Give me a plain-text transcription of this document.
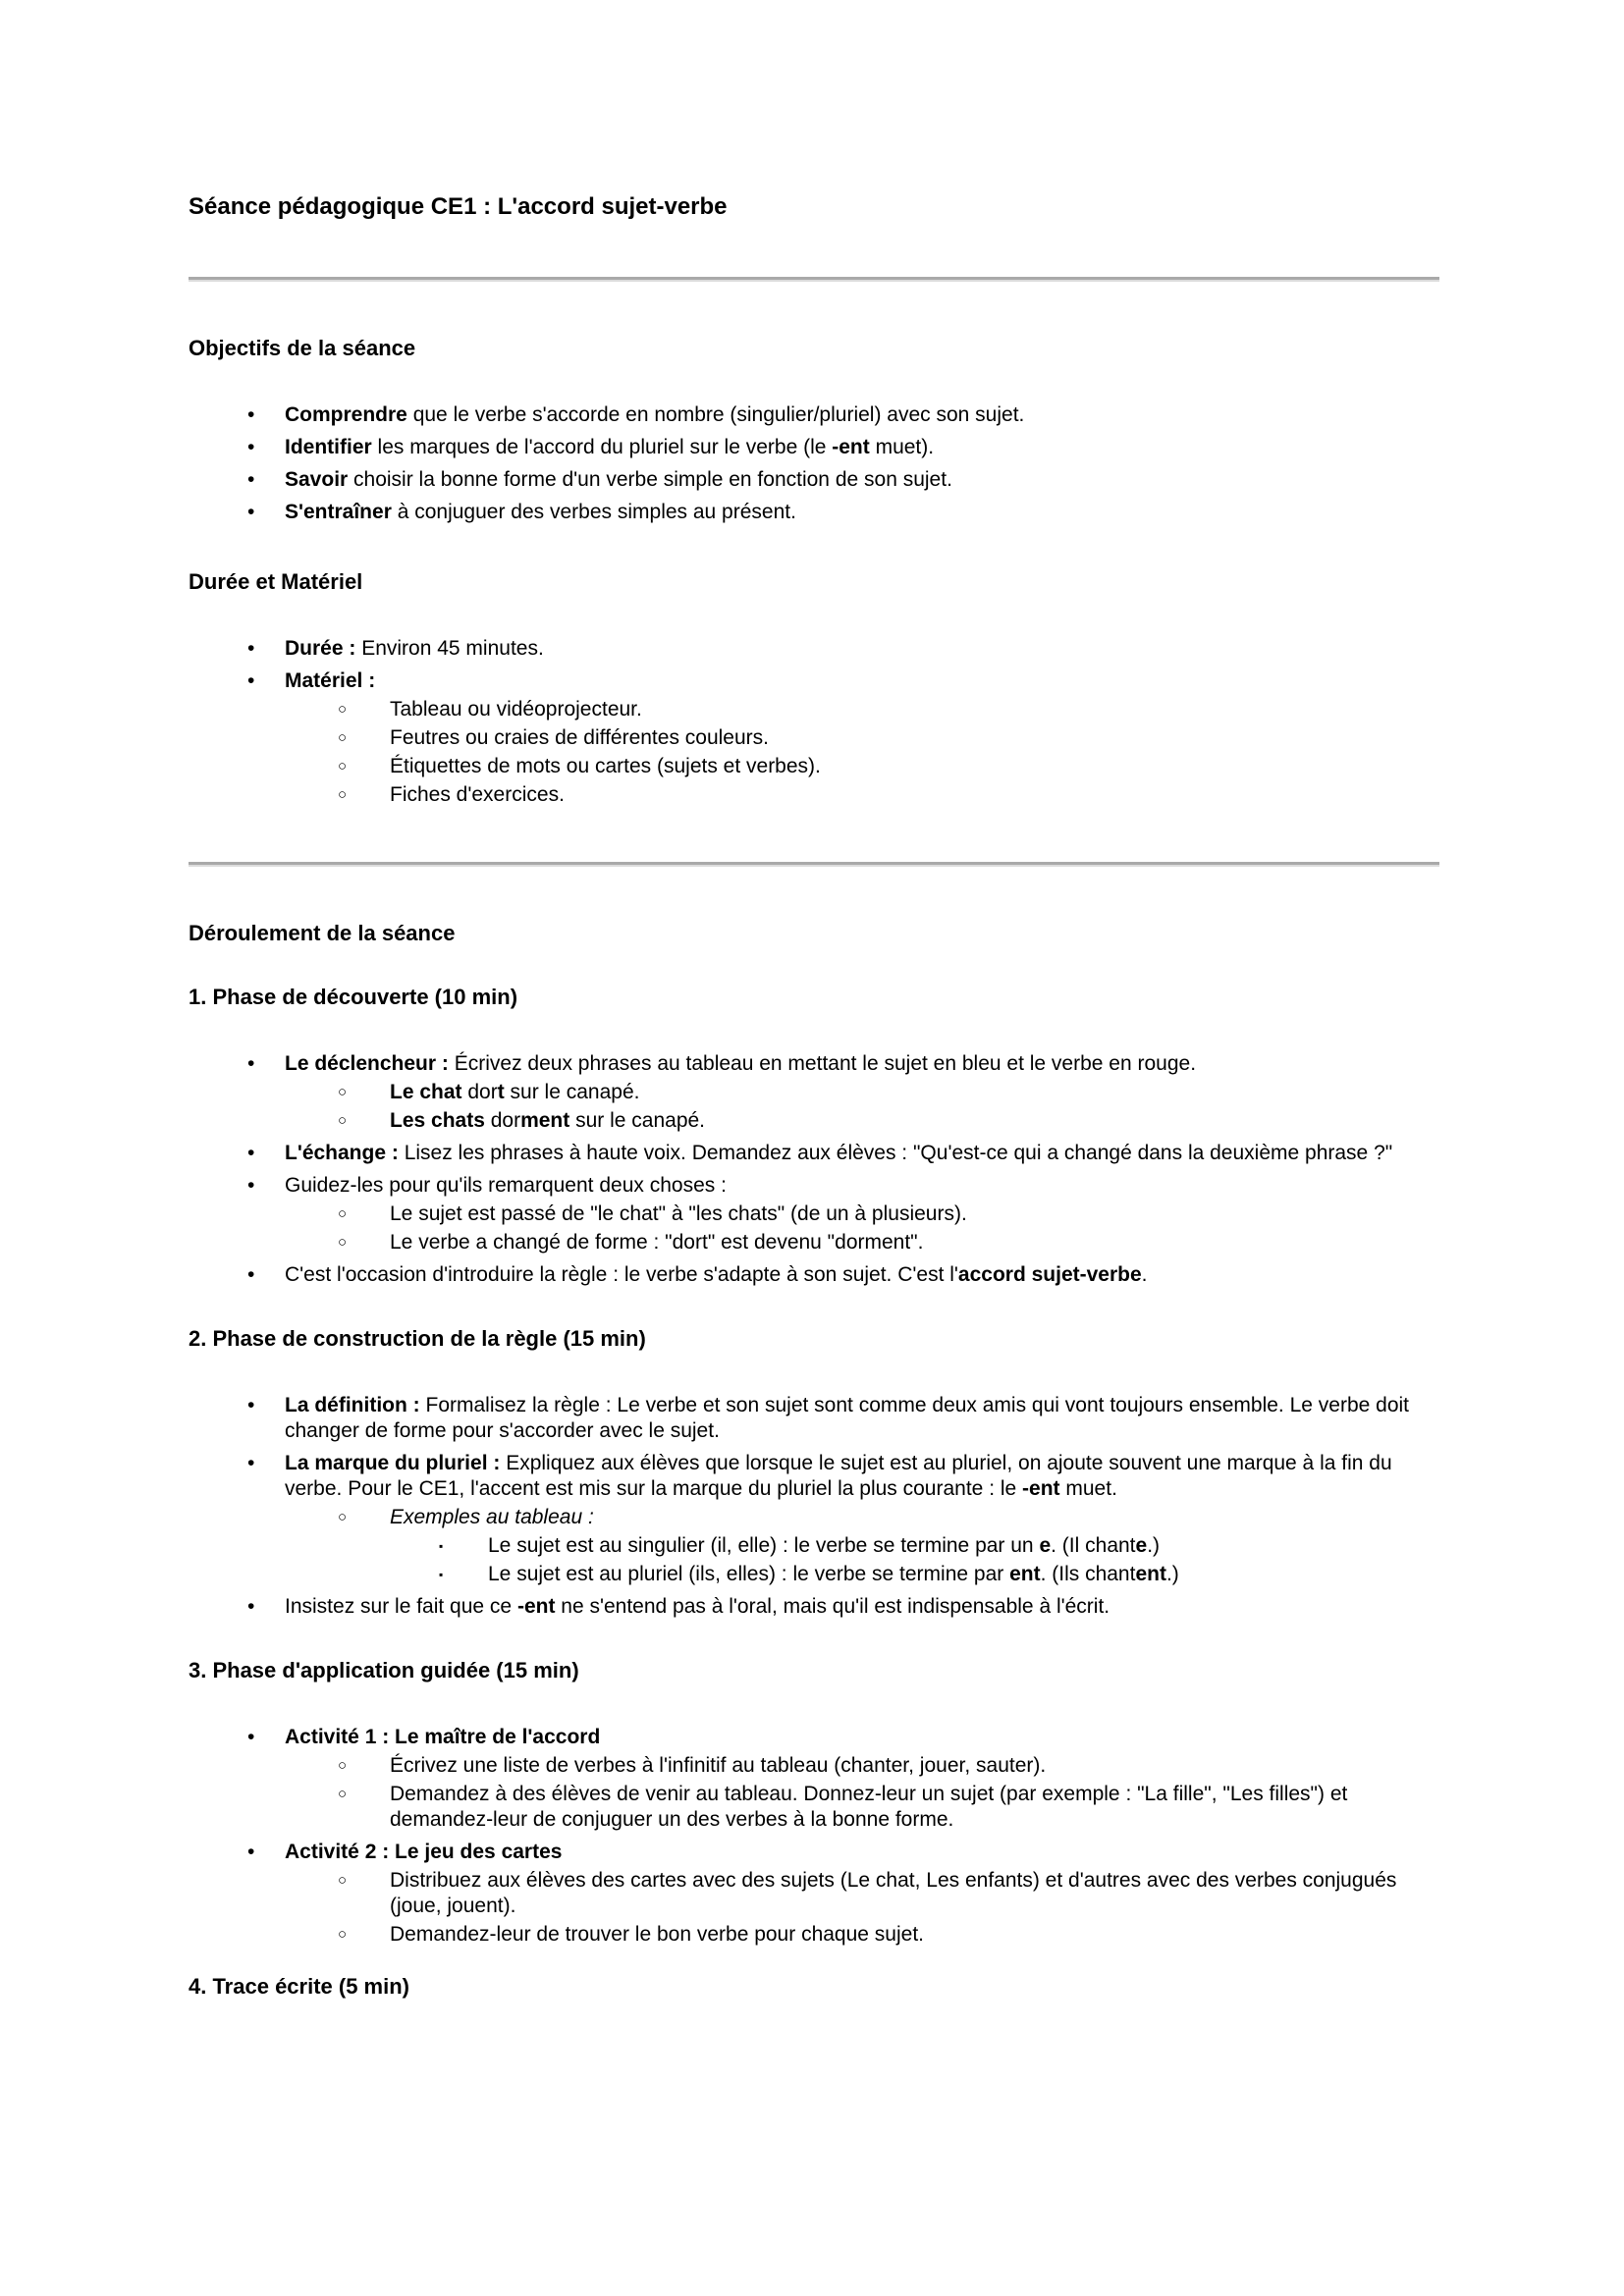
Séance pédagogique CE1 : L'accord sujet-verbe
Objectifs de la séance
•	Comprendre que le verbe s'accorde en nombre (singulier/pluriel) avec son sujet.
•	Identifier les marques de l'accord du pluriel sur le verbe (le -ent muet).
•	Savoir choisir la bonne forme d'un verbe simple en fonction de son sujet.
•	S'entraîner à conjuguer des verbes simples au présent.
Durée et Matériel
•	Durée : Environ 45 minutes.
•	Matériel :
○	Tableau ou vidéoprojecteur.
○	Feutres ou craies de différentes couleurs.
○	Étiquettes de mots ou cartes (sujets et verbes).
○	Fiches d'exercices.
Déroulement de la séance
1. Phase de découverte (10 min)
•	Le déclencheur : Écrivez deux phrases au tableau en mettant le sujet en bleu et le verbe en rouge.
○	Le chat dort sur le canapé.
○	Les chats dorment sur le canapé.
•	L'échange : Lisez les phrases à haute voix. Demandez aux élèves : "Qu'est-ce qui a changé dans la deuxième phrase ?"
•	Guidez-les pour qu'ils remarquent deux choses :
○	Le sujet est passé de "le chat" à "les chats" (de un à plusieurs).
○	Le verbe a changé de forme : "dort" est devenu "dorment".
•	C'est l'occasion d'introduire la règle : le verbe s'adapte à son sujet. C'est l'accord sujet-verbe.
2. Phase de construction de la règle (15 min)
•	La définition : Formalisez la règle : Le verbe et son sujet sont comme deux amis qui vont toujours ensemble. Le verbe doit changer de forme pour s'accorder avec le sujet.
•	La marque du pluriel : Expliquez aux élèves que lorsque le sujet est au pluriel, on ajoute souvent une marque à la fin du verbe. Pour le CE1, l'accent est mis sur la marque du pluriel la plus courante : le -ent muet.
○	Exemples au tableau :
▪	Le sujet est au singulier (il, elle) : le verbe se termine par un e. (Il chante.)
▪	Le sujet est au pluriel (ils, elles) : le verbe se termine par ent. (Ils chantent.)
•	Insistez sur le fait que ce -ent ne s'entend pas à l'oral, mais qu'il est indispensable à l'écrit.
3. Phase d'application guidée (15 min)
•	Activité 1 : Le maître de l'accord
○	Écrivez une liste de verbes à l'infinitif au tableau (chanter, jouer, sauter).
○	Demandez à des élèves de venir au tableau. Donnez-leur un sujet (par exemple : "La fille", "Les filles") et demandez-leur de conjuguer un des verbes à la bonne forme.
•	Activité 2 : Le jeu des cartes
○	Distribuez aux élèves des cartes avec des sujets (Le chat, Les enfants) et d'autres avec des verbes conjugués (joue, jouent).
○	Demandez-leur de trouver le bon verbe pour chaque sujet.
4. Trace écrite (5 min)
